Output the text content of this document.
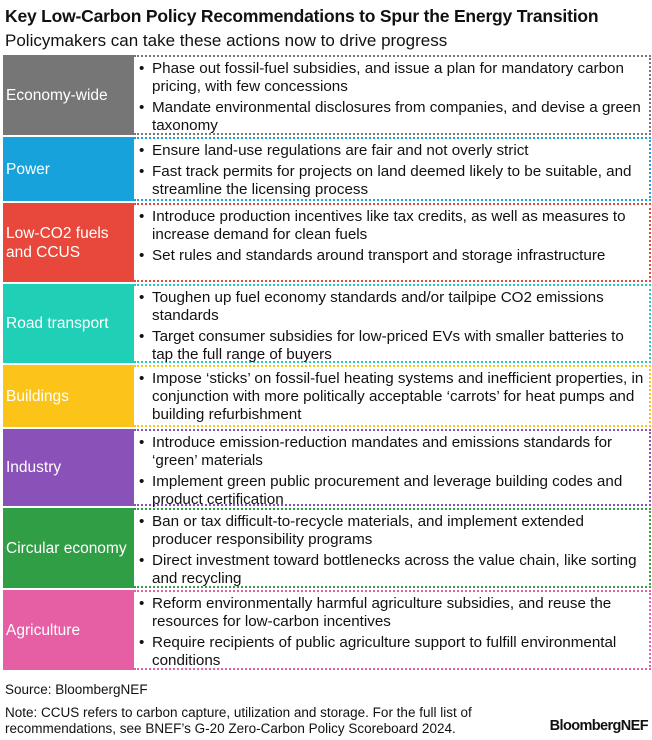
Key Low-Carbon Policy Recommendations to Spur the Energy Transition
Policymakers can take these actions now to drive progress
Economy-wide
• Phase out fossil-fuel subsidies, and issue a plan for mandatory carbon pricing, with few concessions
• Mandate environmental disclosures from companies, and devise a green taxonomy
Power
• Ensure land-use regulations are fair and not overly strict
• Fast track permits for projects on land deemed likely to be suitable, and streamline the licensing process
Low-CO2 fuels and CCUS
• Introduce production incentives like tax credits, as well as measures to increase demand for clean fuels
• Set rules and standards around transport and storage infrastructure
Road transport
• Toughen up fuel economy standards and/or tailpipe CO2 emissions standards
• Target consumer subsidies for low-priced EVs with smaller batteries to tap the full range of buyers
Buildings
• Impose ‘sticks’ on fossil-fuel heating systems and inefficient properties, in conjunction with more politically acceptable ‘carrots’ for heat pumps and building refurbishment
Industry
• Introduce emission-reduction mandates and emissions standards for ‘green’ materials
• Implement green public procurement and leverage building codes and product certification
Circular economy
• Ban or tax difficult-to-recycle materials, and implement extended producer responsibility programs
• Direct investment toward bottlenecks across the value chain, like sorting and recycling
Agriculture
• Reform environmentally harmful agriculture subsidies, and reuse the resources for low-carbon incentives
• Require recipients of public agriculture support to fulfill environmental conditions
Source: BloombergNEF
Note: CCUS refers to carbon capture, utilization and storage. For the full list of recommendations, see BNEF’s G-20 Zero-Carbon Policy Scoreboard 2024.	BloombergNEF
